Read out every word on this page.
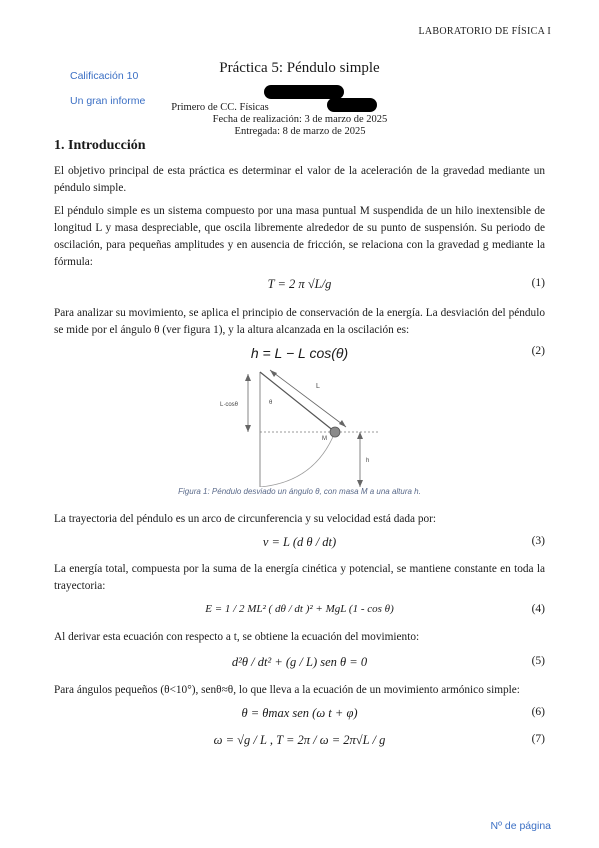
LABORATORIO DE FÍSICA I
Calificación 10
Un gran informe
Práctica 5: Péndulo simple
Primero de CC. Físicas
Fecha de realización: 3 de marzo de 2025
Entregada: 8 de marzo de 2025
1. Introducción
El objetivo principal de esta práctica es determinar el valor de la aceleración de la gravedad mediante un péndulo simple.
El péndulo simple es un sistema compuesto por una masa puntual M suspendida de un hilo inextensible de longitud L y masa despreciable, que oscila libremente alrededor de su punto de suspensión. Su periodo de oscilación, para pequeñas amplitudes y en ausencia de fricción, se relaciona con la gravedad g mediante la fórmula:
T = 2 π √L/g	(1)
Para analizar su movimiento, se aplica el principio de conservación de la energía. La desviación del péndulo se mide por el ángulo θ (ver figura 1), y la altura alcanzada en la oscilación es:
h = L − L cos(θ)	(2)
L
L·cosθ	θ
M
h
Figura 1: Péndulo desviado un ángulo θ, con masa M a una altura h.
La trayectoria del péndulo es un arco de circunferencia y su velocidad está dada por:
v = L (d θ / dt)	(3)
La energía total, compuesta por la suma de la energía cinética y potencial, se mantiene constante en toda la trayectoria:
E = 1 / 2 ML² ( dθ / dt )² + MgL (1 - cos θ)	(4)
Al derivar esta ecuación con respecto a t, se obtiene la ecuación del movimiento:
d²θ / dt² + (g / L) sen θ = 0	(5)
Para ángulos pequeños (θ<10°), senθ≈θ, lo que lleva a la ecuación de un movimiento armónico simple:
θ = θmax sen (ω t + φ)	(6)
ω = √g / L , T = 2π / ω = 2π√L / g	(7)
Nº de página
